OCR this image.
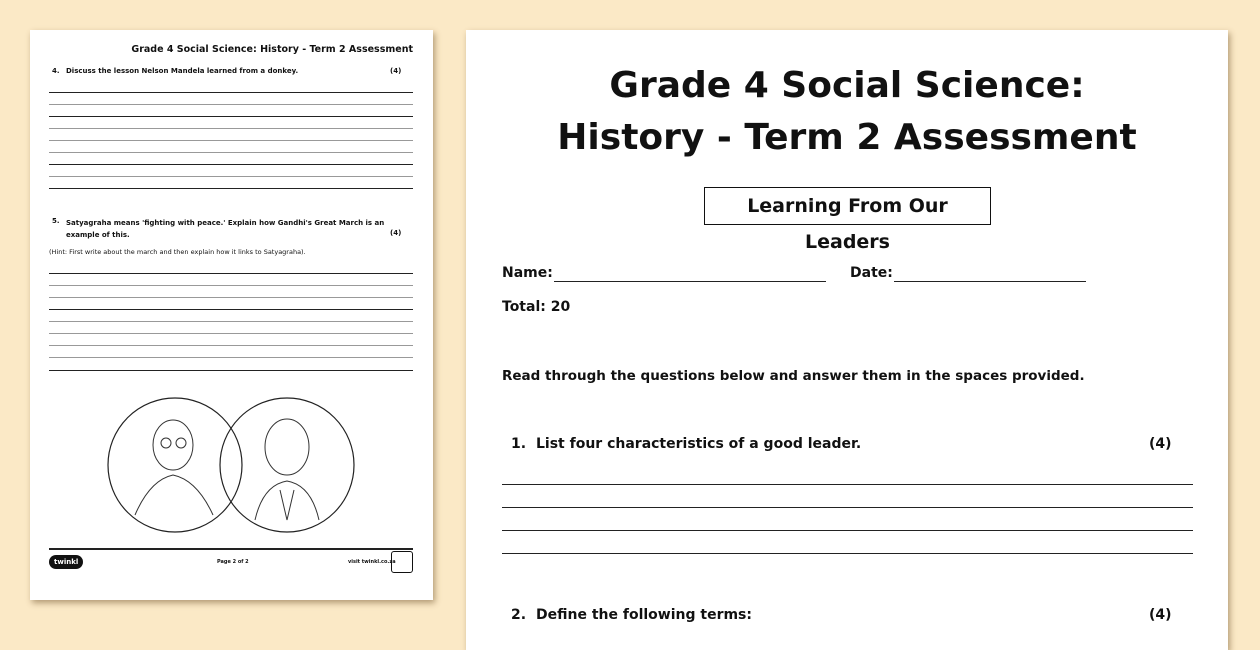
Grade 4 Social Science: History - Term 2 Assessment
4. Discuss the lesson Nelson Mandela learned from a donkey.	(4)
5. Satyagraha means 'fighting with peace.' Explain how Gandhi's Great March is an example of this.	(4)
(Hint: First write about the march and then explain how it links to Satyagraha).
twinkl	Page 2 of 2	visit twinkl.co.za
Grade 4 Social Science:
History - Term 2 Assessment
Learning From Our Leaders
Name:	Date:
Total: 20
Read through the questions below and answer them in the spaces provided.
1. List four characteristics of a good leader.	(4)
2. Define the following terms:	(4)
